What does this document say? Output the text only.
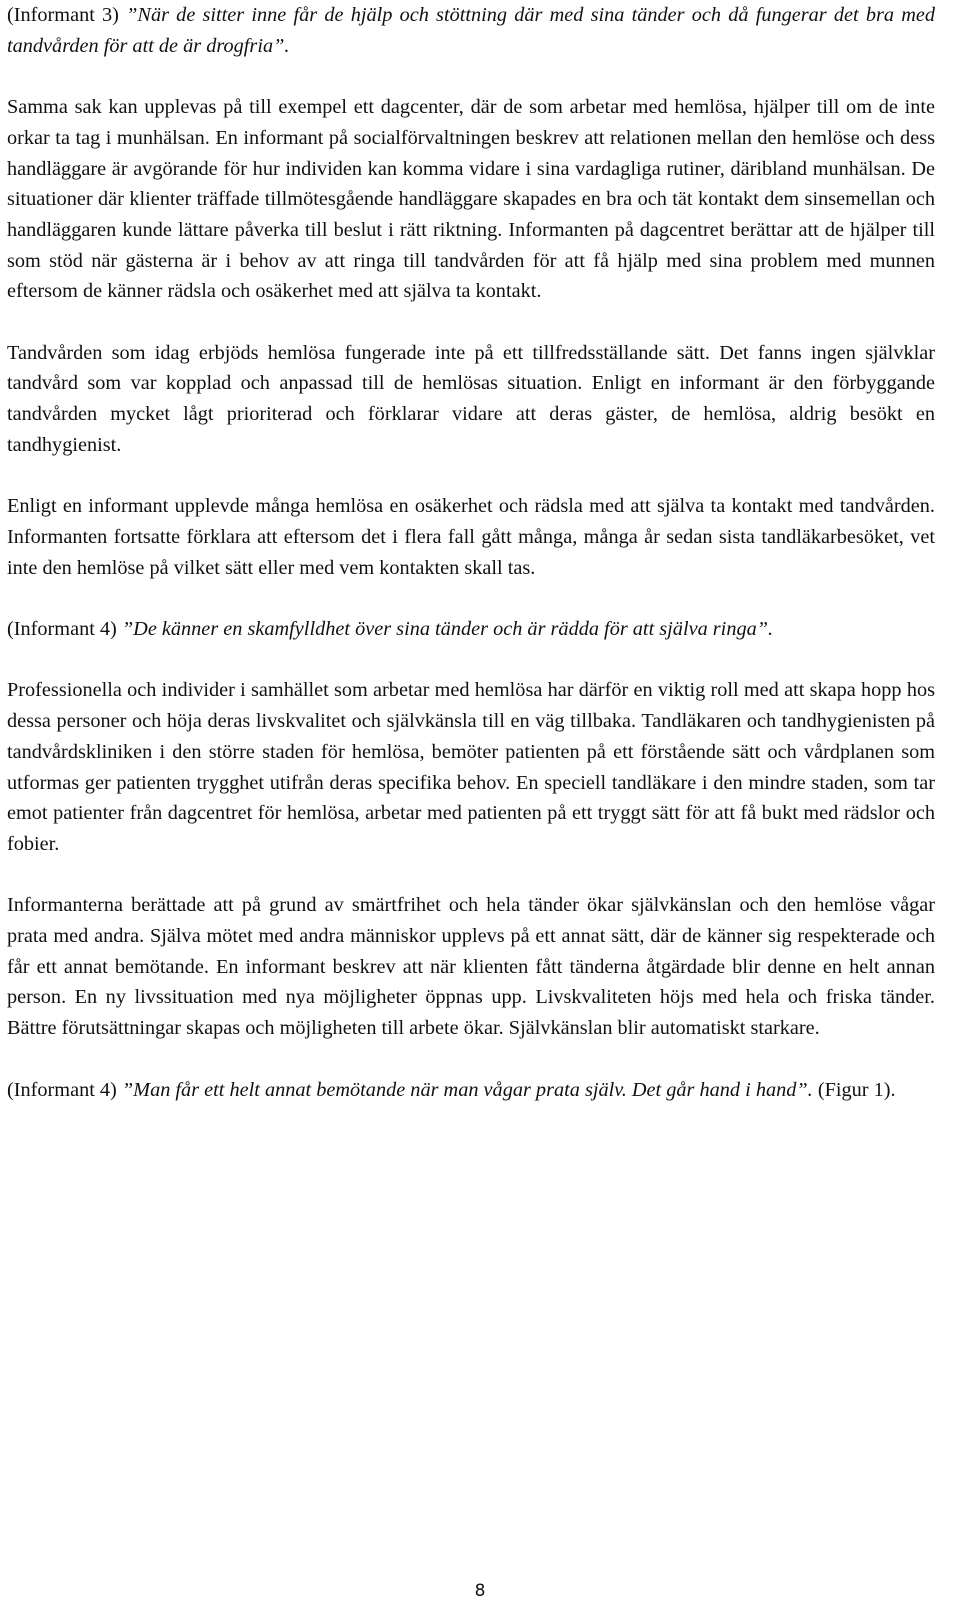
(Informant 3) ”När de sitter inne får de hjälp och stöttning där med sina tänder och då fungerar det bra med tandvården för att de är drogfria”.

Samma sak kan upplevas på till exempel ett dagcenter, där de som arbetar med hemlösa, hjälper till om de inte orkar ta tag i munhälsan. En informant på socialförvaltningen beskrev att relationen mellan den hemlöse och dess handläggare är avgörande för hur individen kan komma vidare i sina vardagliga rutiner, däribland munhälsan. De situationer där klienter träffade tillmötesgående handläggare skapades en bra och tät kontakt dem sinsemellan och handläggaren kunde lättare påverka till beslut i rätt riktning. Informanten på dagcentret berättar att de hjälper till som stöd när gästerna är i behov av att ringa till tandvården för att få hjälp med sina problem med munnen eftersom de känner rädsla och osäkerhet med att själva ta kontakt.

Tandvården som idag erbjöds hemlösa fungerade inte på ett tillfredsställande sätt. Det fanns ingen självklar tandvård som var kopplad och anpassad till de hemlösas situation. Enligt en informant är den förbyggande tandvården mycket lågt prioriterad och förklarar vidare att deras gäster, de hemlösa, aldrig besökt en tandhygienist.

Enligt en informant upplevde många hemlösa en osäkerhet och rädsla med att själva ta kontakt med tandvården. Informanten fortsatte förklara att eftersom det i flera fall gått många, många år sedan sista tandläkarbesöket, vet inte den hemlöse på vilket sätt eller med vem kontakten skall tas.

(Informant 4) ”De känner en skamfylldhet över sina tänder och är rädda för att själva ringa”.

Professionella och individer i samhället som arbetar med hemlösa har därför en viktig roll med att skapa hopp hos dessa personer och höja deras livskvalitet och självkänsla till en väg tillbaka. Tandläkaren och tandhygienisten på tandvårdskliniken i den större staden för hemlösa, bemöter patienten på ett förstående sätt och vårdplanen som utformas ger patienten trygghet utifrån deras specifika behov. En speciell tandläkare i den mindre staden, som tar emot patienter från dagcentret för hemlösa, arbetar med patienten på ett tryggt sätt för att få bukt med rädslor och fobier.

Informanterna berättade att på grund av smärtfrihet och hela tänder ökar självkänslan och den hemlöse vågar prata med andra. Själva mötet med andra människor upplevs på ett annat sätt, där de känner sig respekterade och får ett annat bemötande. En informant beskrev att när klienten fått tänderna åtgärdade blir denne en helt annan person. En ny livssituation med nya möjligheter öppnas upp. Livskvaliteten höjs med hela och friska tänder. Bättre förutsättningar skapas och möjligheten till arbete ökar. Självkänslan blir automatiskt starkare.

(Informant 4) ”Man får ett helt annat bemötande när man vågar prata själv. Det går hand i hand”. (Figur 1).

8
